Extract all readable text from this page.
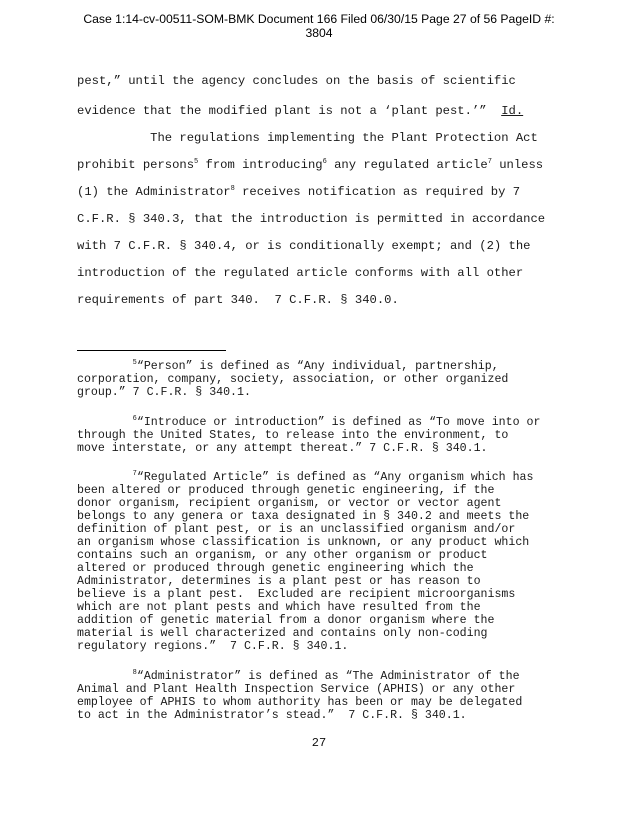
Case 1:14-cv-00511-SOM-BMK Document 166 Filed 06/30/15 Page 27 of 56 PageID #:
3804
pest,” until the agency concludes on the basis of scientific
evidence that the modified plant is not a ‘plant pest.’”  Id.
The regulations implementing the Plant Protection Act
prohibit persons$^5$ from introducing$^6$ any regulated article$^7$ unless
(1) the Administrator$^8$ receives notification as required by 7
C.F.R. § 340.3, that the introduction is permitted in accordance
with 7 C.F.R. § 340.4, or is conditionally exempt; and (2) the
introduction of the regulated article conforms with all other
requirements of part 340.  7 C.F.R. § 340.0.
$^5$“Person” is defined as “Any individual, partnership,
corporation, company, society, association, or other organized
group.” 7 C.F.R. § 340.1.
$^6$“Introduce or introduction” is defined as “To move into or
through the United States, to release into the environment, to
move interstate, or any attempt thereat.” 7 C.F.R. § 340.1.
$^7$“Regulated Article” is defined as “Any organism which has
been altered or produced through genetic engineering, if the
donor organism, recipient organism, or vector or vector agent
belongs to any genera or taxa designated in § 340.2 and meets the
definition of plant pest, or is an unclassified organism and/or
an organism whose classification is unknown, or any product which
contains such an organism, or any other organism or product
altered or produced through genetic engineering which the
Administrator, determines is a plant pest or has reason to
believe is a plant pest.  Excluded are recipient microorganisms
which are not plant pests and which have resulted from the
addition of genetic material from a donor organism where the
material is well characterized and contains only non-coding
regulatory regions.”  7 C.F.R. § 340.1.
$^8$“Administrator” is defined as “The Administrator of the
Animal and Plant Health Inspection Service (APHIS) or any other
employee of APHIS to whom authority has been or may be delegated
to act in the Administrator’s stead.”  7 C.F.R. § 340.1.
27
